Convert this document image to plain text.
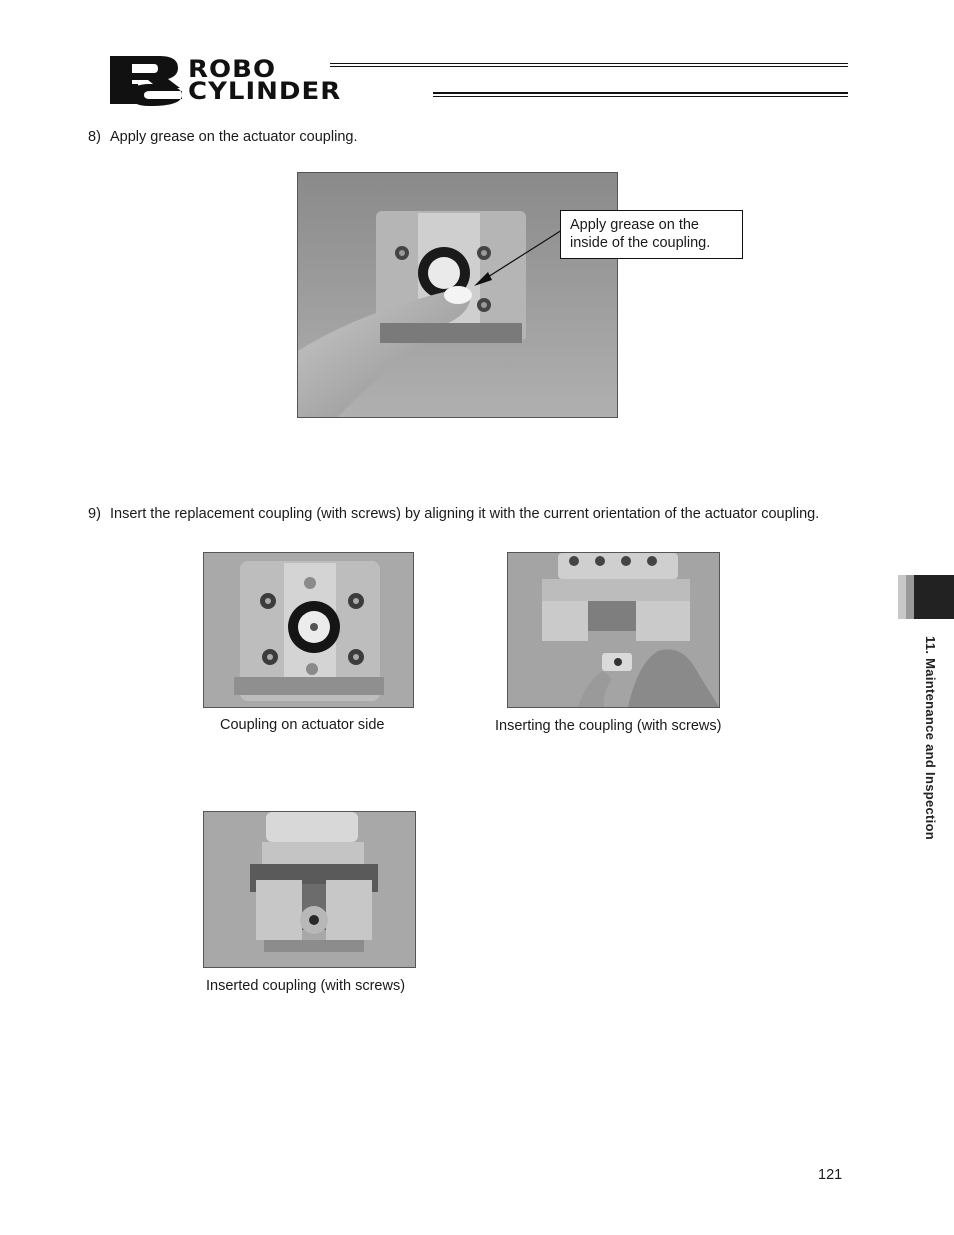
ROBO
CYLINDER
8) Apply grease on the actuator coupling.
Apply grease on the
inside of the coupling.
9) Insert the replacement coupling (with screws) by aligning it with the current orientation of the actuator coupling.
Coupling on actuator side	Inserting the coupling (with screws)
Inserted coupling (with screws)
11. Maintenance and Inspection
121
